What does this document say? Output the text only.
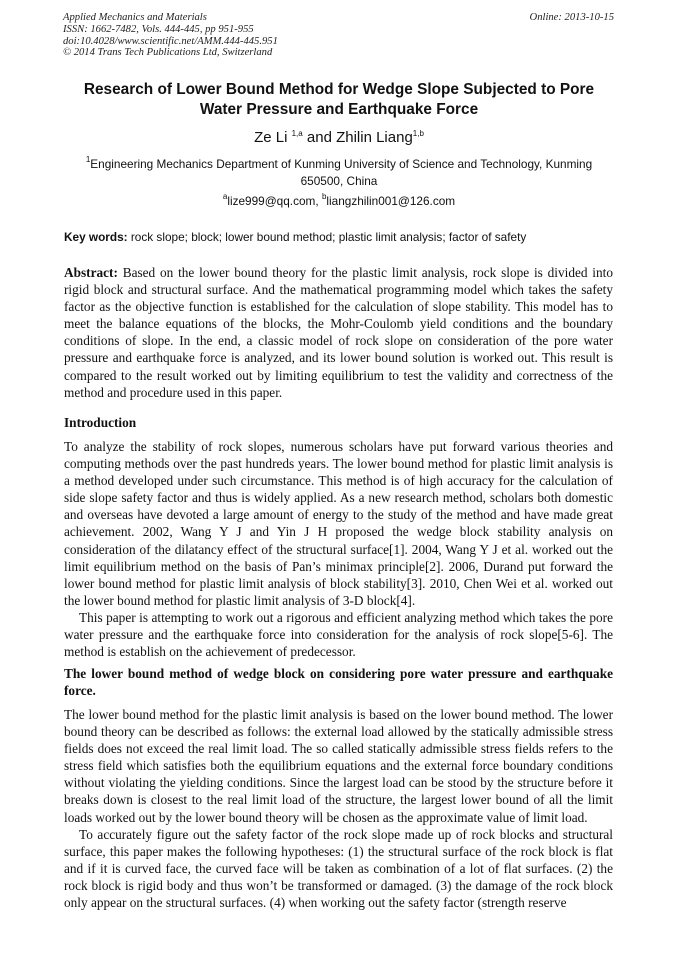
Applied Mechanics and Materials
ISSN: 1662-7482, Vols. 444-445, pp 951-955
doi:10.4028/www.scientific.net/AMM.444-445.951
© 2014 Trans Tech Publications Ltd, Switzerland
Online: 2013-10-15
Research of Lower Bound Method for Wedge Slope Subjected to Pore
Water Pressure and Earthquake Force
Ze Li $^{1,a}$ and Zhilin Liang$^{1,b}$
$^1$Engineering Mechanics Department of Kunming University of Science and Technology, Kunming
650500, China
$^a$lize999@qq.com, $^b$liangzhilin001@126.com
Key words: rock slope; block; lower bound method; plastic limit analysis; factor of safety

Abstract: Based on the lower bound theory for the plastic limit analysis, rock slope is divided into rigid block and structural surface. And the mathematical programming model which takes the safety factor as the objective function is established for the calculation of slope stability. This model has to meet the balance equations of the blocks, the Mohr-Coulomb yield conditions and the boundary conditions of slope. In the end, a classic model of rock slope on consideration of the pore water pressure and earthquake force is analyzed, and its lower bound solution is worked out. This result is compared to the result worked out by limiting equilibrium to test the validity and correctness of the method and procedure used in this paper.

Introduction

To analyze the stability of rock slopes, numerous scholars have put forward various theories and computing methods over the past hundreds years. The lower bound method for plastic limit analysis is a method developed under such circumstance. This method is of high accuracy for the calculation of side slope safety factor and thus is widely applied. As a new research method, scholars both domestic and overseas have devoted a large amount of energy to the study of the method and have made great achievement. 2002, Wang Y J and Yin J H proposed the wedge block stability analysis on consideration of the dilatancy effect of the structural surface[1]. 2004, Wang Y J et al. worked out the limit equilibrium method on the basis of Pan’s minimax principle[2]. 2006, Durand put forward the lower bound method for plastic limit analysis of block stability[3]. 2010, Chen Wei et al. worked out the lower bound method for plastic limit analysis of 3-D block[4].

This paper is attempting to work out a rigorous and efficient analyzing method which takes the pore water pressure and the earthquake force into consideration for the analysis of rock slope[5-6]. The method is establish on the achievement of predecessor.

The lower bound method of wedge block on considering pore water pressure and earthquake force.

The lower bound method for the plastic limit analysis is based on the lower bound method. The lower bound theory can be described as follows: the external load allowed by the statically admissible stress fields does not exceed the real limit load. The so called statically admissible stress fields refers to the stress field which satisfies both the equilibrium equations and the external force boundary conditions without violating the yielding conditions. Since the largest load can be stood by the structure before it breaks down is closest to the real limit load of the structure, the largest lower bound of all the limit loads worked out by the lower bound theory will be chosen as the approximate value of limit load.

To accurately figure out the safety factor of the rock slope made up of rock blocks and structural surface, this paper makes the following hypotheses: (1) the structural surface of the rock block is flat and if it is curved face, the curved face will be taken as combination of a lot of flat surfaces. (2) the rock block is rigid body and thus won’t be transformed or damaged. (3) the damage of the rock block only appear on the structural surfaces. (4) when working out the safety factor (strength reserve
